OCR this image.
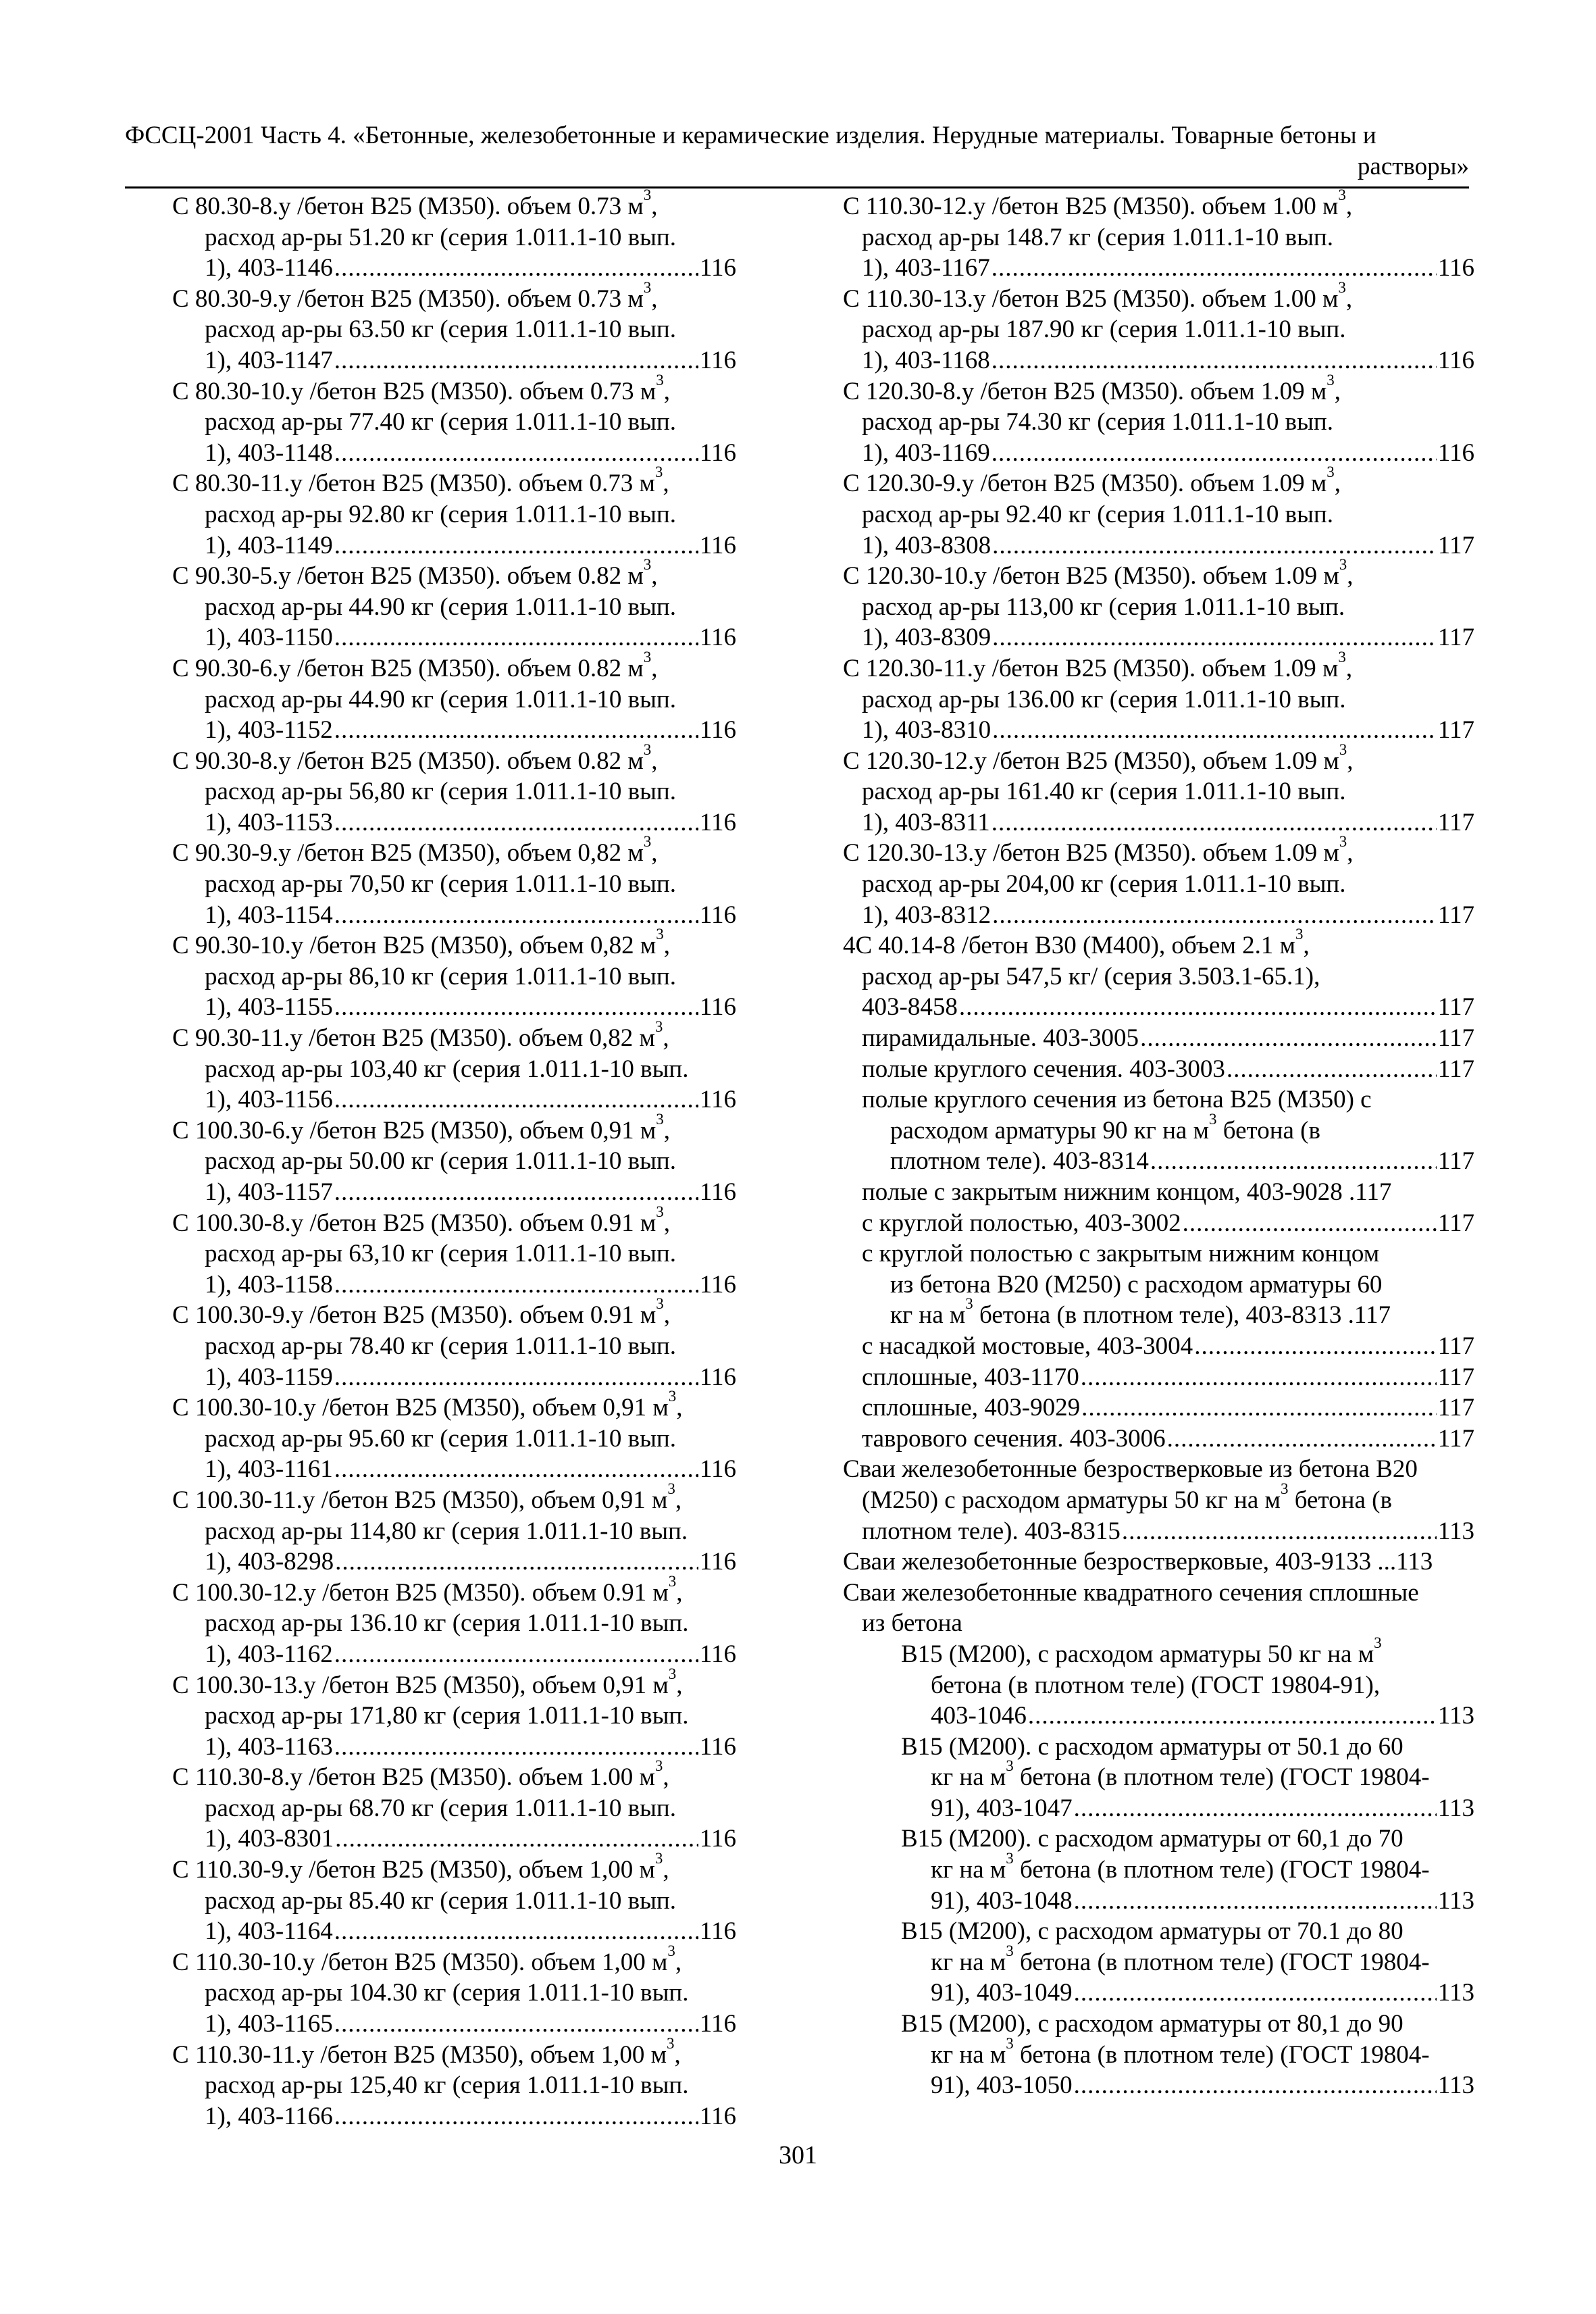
ФССЦ-2001 Часть 4. «Бетонные, железобетонные и керамические изделия. Нерудные материалы. Товарные бетоны и
растворы»
С 80.30-8.у /бетон В25 (М350). объем 0.73 $м^3$,
расход ар-ры 51.20 кг (серия 1.011.1-10 вып.
1), 403-1146 .....	116
С 80.30-9.у /бетон В25 (М350). объем 0.73 $м^3$,
расход ар-ры 63.50 кг (серия 1.011.1-10 вып.
1), 403-1147 .....	116
С 80.30-10.у /бетон В25 (М350). объем 0.73 $м^3$,
расход ар-ры 77.40 кг (серия 1.011.1-10 вып.
1), 403-1148 .....	116
С 80.30-11.у /бетон В25 (М350). объем 0.73 $м^3$,
расход ар-ры 92.80 кг (серия 1.011.1-10 вып.
1), 403-1149 .....	116
С 90.30-5.у /бетон В25 (М350). объем 0.82 $м^3$,
расход ар-ры 44.90 кг (серия 1.011.1-10 вып.
1), 403-1150 .....	116
С 90.30-6.у /бетон В25 (М350). объем 0.82 $м^3$,
расход ар-ры 44.90 кг (серия 1.011.1-10 вып.
1), 403-1152 .....	116
С 90.30-8.у /бетон В25 (М350). объем 0.82 $м^3$,
расход ар-ры 56,80 кг (серия 1.011.1-10 вып.
1), 403-1153 .....	116
С 90.30-9.у /бетон В25 (М350), объем 0,82 $м^3$,
расход ар-ры 70,50 кг (серия 1.011.1-10 вып.
1), 403-1154 .....	116
С 90.30-10.у /бетон В25 (М350), объем 0,82 $м^3$,
расход ар-ры 86,10 кг (серия 1.011.1-10 вып.
1), 403-1155 .....	116
С 90.30-11.у /бетон В25 (М350). объем 0,82 $м^3$,
расход ар-ры 103,40 кг (серия 1.011.1-10 вып.
1), 403-1156 .....	116
С 100.30-6.у /бетон В25 (М350), объем 0,91 $м^3$,
расход ар-ры 50.00 кг (серия 1.011.1-10 вып.
1), 403-1157 .....	116
С 100.30-8.у /бетон В25 (М350). объем 0.91 $м^3$,
расход ар-ры 63,10 кг (серия 1.011.1-10 вып.
1), 403-1158 .....	116
С 100.30-9.у /бетон В25 (М350). объем 0.91 $м^3$,
расход ар-ры 78.40 кг (серия 1.011.1-10 вып.
1), 403-1159 .....	116
С 100.30-10.у /бетон В25 (М350), объем 0,91 $м^3$,
расход ар-ры 95.60 кг (серия 1.011.1-10 вып.
1), 403-1161 .....	116
С 100.30-11.у /бетон В25 (М350), объем 0,91 $м^3$,
расход ар-ры 114,80 кг (серия 1.011.1-10 вып.
1), 403-8298 .....	116
С 100.30-12.у /бетон В25 (М350). объем 0.91 $м^3$,
расход ар-ры 136.10 кг (серия 1.011.1-10 вып.
1), 403-1162 .....	116
С 100.30-13.у /бетон В25 (М350), объем 0,91 $м^3$,
расход ар-ры 171,80 кг (серия 1.011.1-10 вып.
1), 403-1163 .....	116
С 110.30-8.у /бетон В25 (М350). объем 1.00 $м^3$,
расход ар-ры 68.70 кг (серия 1.011.1-10 вып.
1), 403-8301 .....	116
С 110.30-9.у /бетон В25 (М350), объем 1,00 $м^3$,
расход ар-ры 85.40 кг (серия 1.011.1-10 вып.
1), 403-1164 .....	116
С 110.30-10.у /бетон В25 (М350). объем 1,00 $м^3$,
расход ар-ры 104.30 кг (серия 1.011.1-10 вып.
1), 403-1165 .....	116
С 110.30-11.у /бетон В25 (М350), объем 1,00 $м^3$,
расход ар-ры 125,40 кг (серия 1.011.1-10 вып.
1), 403-1166 .....	116
С 110.30-12.у /бетон В25 (М350). объем 1.00 $м^3$,
расход ар-ры 148.7 кг (серия 1.011.1-10 вып.
1), 403-1167 .....	116
С 110.30-13.у /бетон В25 (М350). объем 1.00 $м^3$,
расход ар-ры 187.90 кг (серия 1.011.1-10 вып.
1), 403-1168 .....	116
С 120.30-8.у /бетон В25 (М350). объем 1.09 $м^3$,
расход ар-ры 74.30 кг (серия 1.011.1-10 вып.
1), 403-1169 .....	116
С 120.30-9.у /бетон В25 (М350). объем 1.09 $м^3$,
расход ар-ры 92.40 кг (серия 1.011.1-10 вып.
1), 403-8308 .....	117
С 120.30-10.у /бетон В25 (М350). объем 1.09 $м^3$,
расход ар-ры 113,00 кг (серия 1.011.1-10 вып.
1), 403-8309 .....	117
С 120.30-11.у /бетон В25 (М350). объем 1.09 $м^3$,
расход ар-ры 136.00 кг (серия 1.011.1-10 вып.
1), 403-8310 .....	117
С 120.30-12.у /бетон В25 (М350), объем 1.09 $м^3$,
расход ар-ры 161.40 кг (серия 1.011.1-10 вып.
1), 403-8311 .....	117
С 120.30-13.у /бетон В25 (М350). объем 1.09 $м^3$,
расход ар-ры 204,00 кг (серия 1.011.1-10 вып.
1), 403-8312 .....	117
4С 40.14-8 /бетон В30 (М400), объем 2.1 $м^3$,
расход ар-ры 547,5 кг/ (серия 3.503.1-65.1),
403-8458 .....	117
пирамидальные. 403-3005 .....	117
полые круглого сечения. 403-3003 .....	117
полые круглого сечения из бетона В25 (М350) с
расходом арматуры 90 кг на $м^3$ бетона (в
плотном теле). 403-8314 .....	117
полые с закрытым нижним концом, 403-9028 .117
с круглой полостью, 403-3002 .....	117
с круглой полостью с закрытым нижним концом
из бетона В20 (М250) с расходом арматуры 60
кг на $м^3$ бетона (в плотном теле), 403-8313 .117
с насадкой мостовые, 403-3004 .....	117
сплошные, 403-1170 .....	117
сплошные, 403-9029 .....	117
таврового сечения. 403-3006 .....	117
Сваи железобетонные безростверковые из бетона В20
(М250) с расходом арматуры 50 кг на $м^3$ бетона (в
плотном теле). 403-8315 .....	113
Сваи железобетонные безростверковые, 403-9133 ...113
Сваи железобетонные квадратного сечения сплошные
из бетона
В15 (М200), с расходом арматуры 50 кг на $м^3$
бетона (в плотном теле) (ГОСТ 19804-91),
403-1046 .....	113
В15 (М200). с расходом арматуры от 50.1 до 60
кг на $м^3$ бетона (в плотном теле) (ГОСТ 19804-
91), 403-1047 .....	113
В15 (М200). с расходом арматуры от 60,1 до 70
кг на $м^3$ бетона (в плотном теле) (ГОСТ 19804-
91), 403-1048 .....	113
В15 (М200), с расходом арматуры от 70.1 до 80
кг на $м^3$ бетона (в плотном теле) (ГОСТ 19804-
91), 403-1049 .....	113
В15 (М200), с расходом арматуры от 80,1 до 90
кг на $м^3$ бетона (в плотном теле) (ГОСТ 19804-
91), 403-1050 .....	113
301
